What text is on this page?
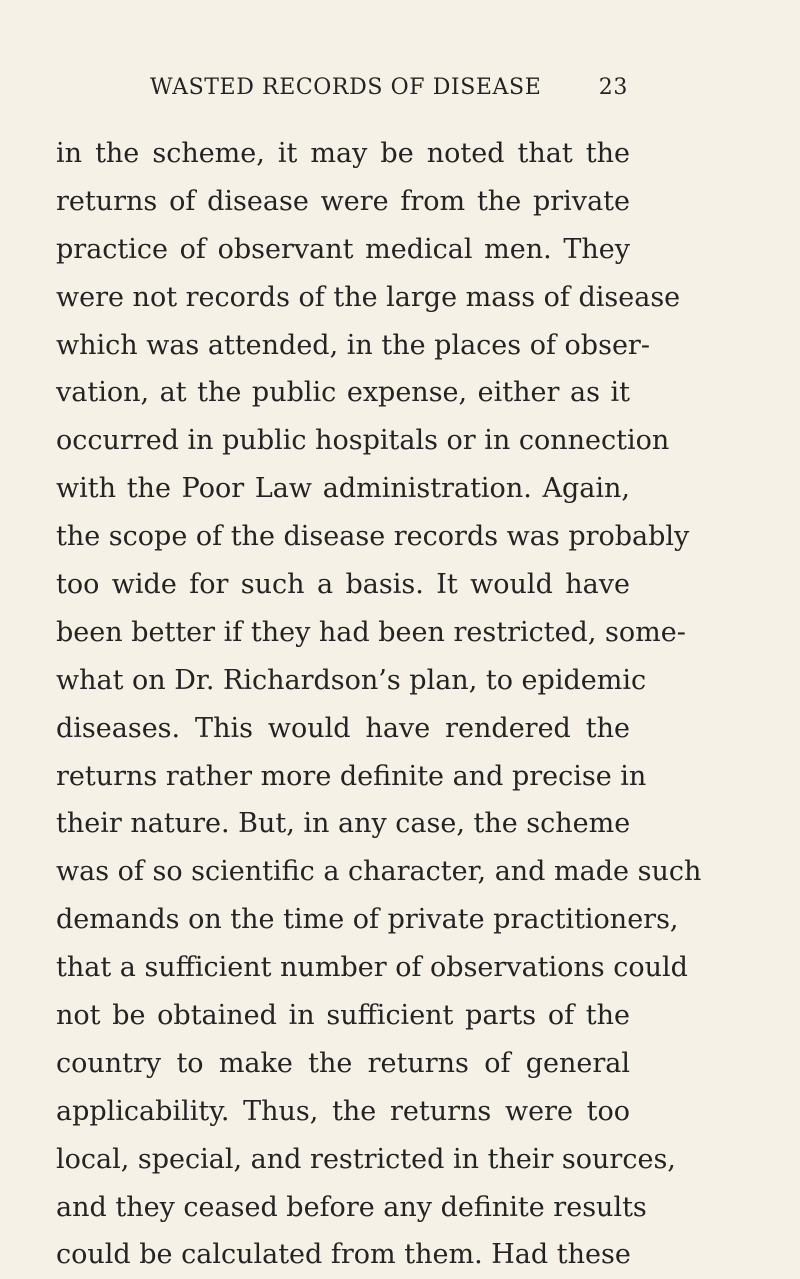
WASTED RECORDS OF DISEASE	23
in the scheme, it may be noted that the
returns of disease were from the private
practice of observant medical men. They
were not records of the large mass of disease
which was attended, in the places of obser-
vation, at the public expense, either as it
occurred in public hospitals or in connection
with the Poor Law administration. Again,
the scope of the disease records was probably
too wide for such a basis. It would have
been better if they had been restricted, some-
what on Dr. Richardson’s plan, to epidemic
diseases. This would have rendered the
returns rather more definite and precise in
their nature. But, in any case, the scheme
was of so scientific a character, and made such
demands on the time of private practitioners,
that a sufficient number of observations could
not be obtained in sufficient parts of the
country to make the returns of general
applicability. Thus, the returns were too
local, special, and restricted in their sources,
and they ceased before any definite results
could be calculated from them. Had these
